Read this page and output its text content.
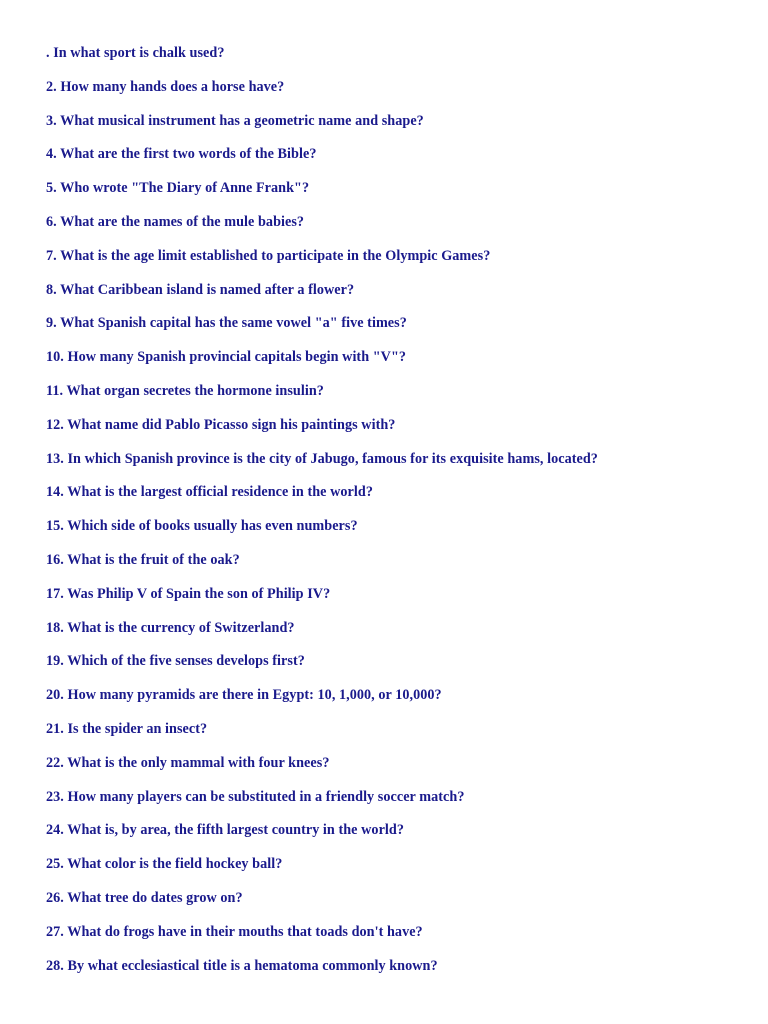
. In what sport is chalk used?
2. How many hands does a horse have?
3. What musical instrument has a geometric name and shape?
4. What are the first two words of the Bible?
5. Who wrote "The Diary of Anne Frank"?
6. What are the names of the mule babies?
7. What is the age limit established to participate in the Olympic Games?
8. What Caribbean island is named after a flower?
9. What Spanish capital has the same vowel "a" five times?
10. How many Spanish provincial capitals begin with "V"?
11. What organ secretes the hormone insulin?
12. What name did Pablo Picasso sign his paintings with?
13. In which Spanish province is the city of Jabugo, famous for its exquisite hams, located?
14. What is the largest official residence in the world?
15. Which side of books usually has even numbers?
16. What is the fruit of the oak?
17. Was Philip V of Spain the son of Philip IV?
18. What is the currency of Switzerland?
19. Which of the five senses develops first?
20. How many pyramids are there in Egypt: 10, 1,000, or 10,000?
21. Is the spider an insect?
22. What is the only mammal with four knees?
23. How many players can be substituted in a friendly soccer match?
24. What is, by area, the fifth largest country in the world?
25. What color is the field hockey ball?
26. What tree do dates grow on?
27. What do frogs have in their mouths that toads don't have?
28. By what ecclesiastical title is a hematoma commonly known?
